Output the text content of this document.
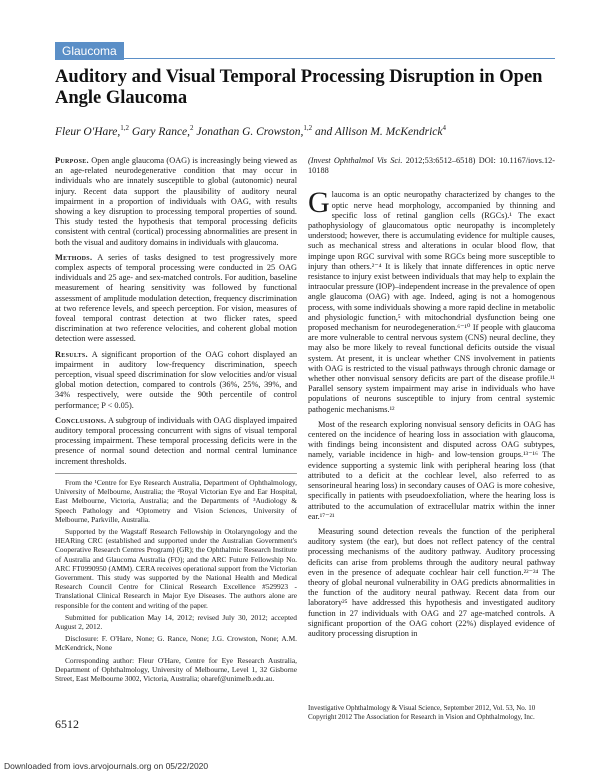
Glaucoma
Auditory and Visual Temporal Processing Disruption in Open Angle Glaucoma
Fleur O'Hare,$^{1,2}$ Gary Rance,$^2$ Jonathan G. Crowston,$^{1,2}$ and Allison M. McKendrick$^4$

Purpose. Open angle glaucoma (OAG) is increasingly being viewed as an age-related neurodegenerative condition that may occur in individuals who are innately susceptible to global (autonomic) neural injury. Recent data support the plausibility of auditory neural impairment in a proportion of individuals with OAG, with results showing a key disruption to processing temporal properties of sound. This study tested the hypothesis that temporal processing deficits consistent with central (cortical) processing abnormalities are present in both the visual and auditory domains in individuals with glaucoma.

Methods. A series of tasks designed to test progressively more complex aspects of temporal processing were conducted in 25 OAG individuals and 25 age- and sex-matched controls. For audition, baseline measurement of hearing sensitivity was followed by functional assessment of amplitude modulation detection, frequency discrimination at two reference levels, and speech perception. For vision, measures of foveal temporal contrast detection at two flicker rates, speed discrimination at two reference velocities, and coherent global motion detection were assessed.

Results. A significant proportion of the OAG cohort displayed an impairment in auditory low-frequency discrimination, speech perception, visual speed discrimination for slow velocities and/or visual global motion detection, compared to controls (36%, 25%, 39%, and 34% respectively, were outside the 90th percentile of control performance; P < 0.05).

Conclusions. A subgroup of individuals with OAG displayed impaired auditory temporal processing concurrent with signs of visual temporal processing impairment. These temporal processing deficits were in the presence of normal sound detection and normal central luminance increment thresholds.

From the ¹Centre for Eye Research Australia, Department of Ophthalmology, University of Melbourne, Australia; the ²Royal Victorian Eye and Ear Hospital, East Melbourne, Victoria, Australia; and the Departments of ³Audiology & Speech Pathology and ⁴Optometry and Vision Sciences, University of Melbourne, Parkville, Australia.

Supported by the Wagstaff Research Fellowship in Otolaryngology and the HEARing CRC (established and supported under the Australian Government's Cooperative Research Centres Program) (GR); the Ophthalmic Research Institute of Australia and Glaucoma Australia (FO); and the ARC Future Fellowship No. ARC FT0990950 (AMM). CERA receives operational support from the Victorian Government. This study was supported by the National Health and Medical Research Council Centre for Clinical Research Excellence #529923 - Translational Clinical Research in Major Eye Diseases. The authors alone are responsible for the content and writing of the paper.

Submitted for publication May 14, 2012; revised July 30, 2012; accepted August 2, 2012.

Disclosure: F. O'Hare, None; G. Rance, None; J.G. Crowston, None; A.M. McKendrick, None

Corresponding author: Fleur O'Hare, Centre for Eye Research Australia, Department of Ophthalmology, University of Melbourne, Level 1, 32 Gisborne Street, East Melbourne 3002, Victoria, Australia; oharef@unimelb.edu.au.

(Invest Ophthalmol Vis Sci. 2012;53:6512–6518) DOI: 10.1167/iovs.12-10188

Glaucoma is an optic neuropathy characterized by changes to the optic nerve head morphology, accompanied by thinning and specific loss of retinal ganglion cells (RGCs).¹ The exact pathophysiology of glaucomatous optic neuropathy is incompletely understood; however, there is accumulating evidence for multiple causes, such as mechanical stress and alterations in ocular blood flow, that impinge upon RGC survival with some RGCs being more susceptible to injury than others.²⁻⁴ It is likely that innate differences in optic nerve resistance to injury exist between individuals that may help to explain the intraocular pressure (IOP)–independent increase in the prevalence of open angle glaucoma (OAG) with age. Indeed, aging is not a homogenous process, with some individuals showing a more rapid decline in metabolic and physiologic function,⁵ with mitochondrial dysfunction being one proposed mechanism for neurodegeneration.⁶⁻¹⁰ If people with glaucoma are more vulnerable to central nervous system (CNS) neural decline, they may also be more likely to reveal functional deficits outside the visual system. At present, it is unclear whether CNS involvement in patients with OAG is restricted to the visual pathways through chronic damage or whether other nonvisual sensory deficits are part of the disease profile.¹¹ Parallel sensory system impairment may arise in individuals who have populations of neurons susceptible to injury from central systemic pathogenic mechanisms.¹²

Most of the research exploring nonvisual sensory deficits in OAG has centered on the incidence of hearing loss in association with glaucoma, with findings being inconsistent and disputed across OAG subtypes, namely, variable incidence in high- and low-tension groups.¹³⁻¹⁶ The evidence supporting a systemic link with peripheral hearing loss (that attributed to a deficit at the cochlear level, also referred to as sensorineural hearing loss) in secondary causes of OAG is more cohesive, specifically in patients with pseudoexfoliation, where the hearing loss is attributed to the accumulation of extracellular matrix within the inner ear.¹⁷⁻²¹

Measuring sound detection reveals the function of the peripheral auditory system (the ear), but does not reflect patency of the central processing mechanisms of the auditory pathway. Auditory processing deficits can arise from problems through the auditory neural pathway even in the presence of adequate cochlear hair cell function.²²⁻²⁴ The theory of global neuronal vulnerability in OAG predicts abnormalities in the function of the auditory neural pathway. Recent data from our laboratory²⁵ have addressed this hypothesis and investigated auditory function in 27 individuals with OAG and 27 age-matched controls. A significant proportion of the OAG cohort (22%) displayed evidence of auditory processing disruption in

6512
Investigative Ophthalmology & Visual Science, September 2012, Vol. 53, No. 10
Copyright 2012 The Association for Research in Vision and Ophthalmology, Inc.
Downloaded from iovs.arvojournals.org on 05/22/2020
